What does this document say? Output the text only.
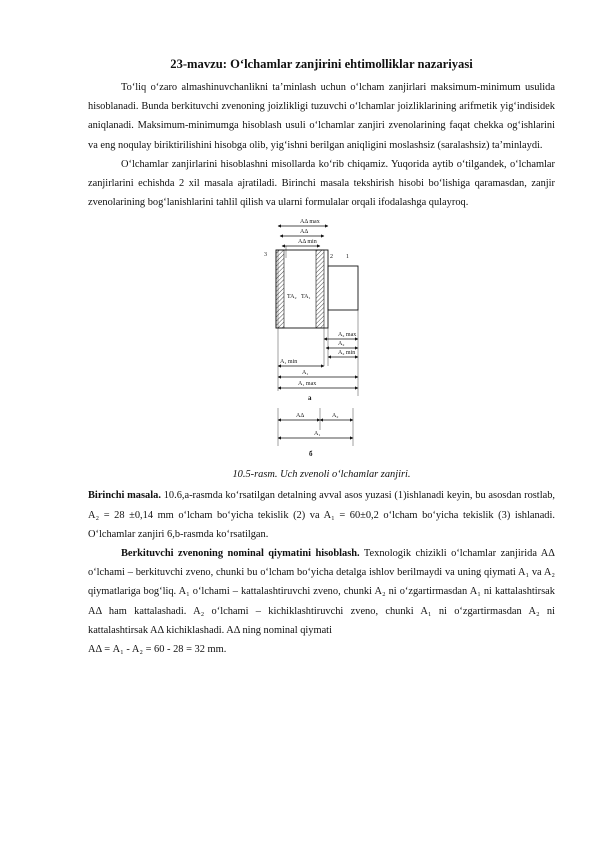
23-mavzu: O‘lchamlar zanjirini ehtimolliklar nazariyasi

To‘liq o‘zaro almashinuvchanlikni ta’minlash uchun o‘lcham zanjirlari maksimum-minimum usulida hisoblanadi. Bunda berkituvchi zvenoning joizlikligi tuzuvchi o‘lchamlar joizliklarining arifmetik yig‘indisidek aniqlanadi. Maksimum-minimumga hisoblash usuli o‘lchamlar zanjiri zvenolarining faqat chekka og‘ishlarini va eng noqulay biriktirilishini hisobga olib, yig‘ishni berilgan aniqligini moslashsiz (saralashsiz) ta’minlaydi.

O‘lchamlar zanjirlarini hisoblashni misollarda ko‘rib chiqamiz. Yuqorida aytib o‘tilgandek, o‘lchamlar zanjirlarini echishda 2 xil masala ajratiladi. Birinchi masala tekshirish hisobi bo‘lishiga qaramasdan, zanjir zvenolarining bog‘lanishlarini tahlil qilish va ularni formulalar orqali ifodalashga qulayroq.

AΔ max
AΔ
AΔ min
3	2 1
TA₂ TA₁
A₂ max
A₂
A₂ min
A₁ min
A₁
A₁ max
a
AΔ	A₂
A₁
б
10.5-rasm. Uch zvenoli o‘lchamlar zanjiri.

Birinchi masala. 10.6,a-rasmda ko‘rsatilgan detalning avval asos yuzasi (1)ishlanadi keyin, bu asosdan rostlab, A₂ = 28 ±0,14 mm o‘lcham bo‘yicha tekislik (2) va A₁ = 60±0,2 o‘lcham bo‘yicha tekislik (3) ishlanadi. O‘lchamlar zanjiri 6,b-rasmda ko‘rsatilgan.

Berkituvchi zvenoning nominal qiymatini hisoblash. Texnologik chizikli o‘lchamlar zanjirida AΔ o‘lchami – berkituvchi zveno, chunki bu o‘lcham bo‘yicha detalga ishlov berilmaydi va uning qiymati A₁ va A₂ qiymatlariga bog‘liq. A₁ o‘lchami – kattalashtiruvchi zveno, chunki A₂ ni o‘zgartirmasdan A₁ ni kattalashtirsak AΔ ham kattalashadi. A₂ o‘lchami – kichiklashtiruvchi zveno, chunki A₁ ni o‘zgartirmasdan A₂ ni kattalashtirsak AΔ kichiklashadi. AΔ ning nominal qiymati

AΔ = A₁ - A₂ = 60 - 28 = 32 mm.
